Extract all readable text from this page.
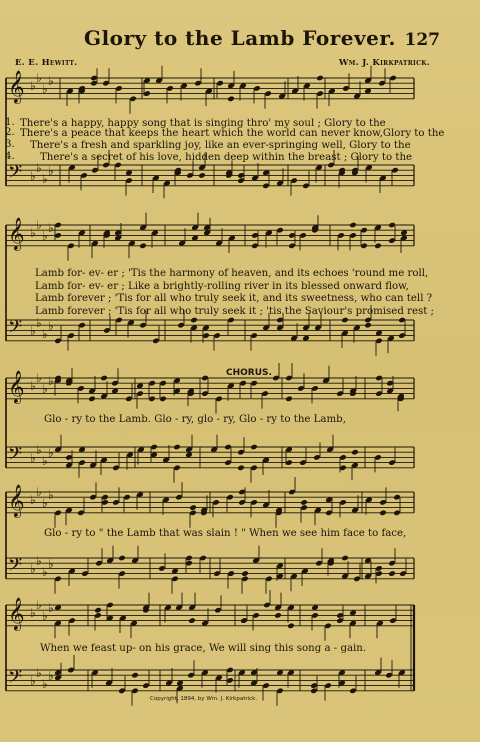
Glory to the Lamb Forever. 127
E. E. Hewitt.	Wm. J. Kirkpatrick.
𝄞 ♭
♭
♭
♭
𝄢 ♭
♭
♭
♭
𝄞 ♭
♭
♭
♭
𝄢 ♭
♭
♭
♭
𝄞 ♭
♭
♭
♭
𝄢 ♭
♭
♭
♭
𝄞 ♭
♭
♭
♭
𝄢 ♭
♭
♭
♭
𝄞 ♭
♭
♭
♭
𝄢 ♭
♭
♭
♭
There's a happy, happy song that is singing thro' my soul ; Glory to the
1.
There's a peace that keeps the heart which the world can never know,Glory to the
2.
There's a fresh and sparkling joy, like an ever-springing well, Glory to the
3.
There's a secret of his love, hidden deep within the breast ; Glory to the
4.
Lamb for- ev- er ; 'Tis the harmony of heaven, and its echoes 'round me roll,
Lamb for- ev- er ; Like a brightly-rolling river in its blessed onward flow,
Lamb forever ; 'Tis for all who truly seek it, and its sweetness, who can tell ?
Lamb forever ; 'Tis for all who truly seek it ; 'tis the Saviour's promised rest ;
CHORUS.
Glo - ry to the Lamb. Glo - ry, glo - ry, Glo - ry to the Lamb,
Glo - ry to " the Lamb that was slain ! " When we see him face to face,
When we feast up- on his grace, We will sing this song a - gain.
Copyright, 1894, by Wm. J. Kirkpatrick.
